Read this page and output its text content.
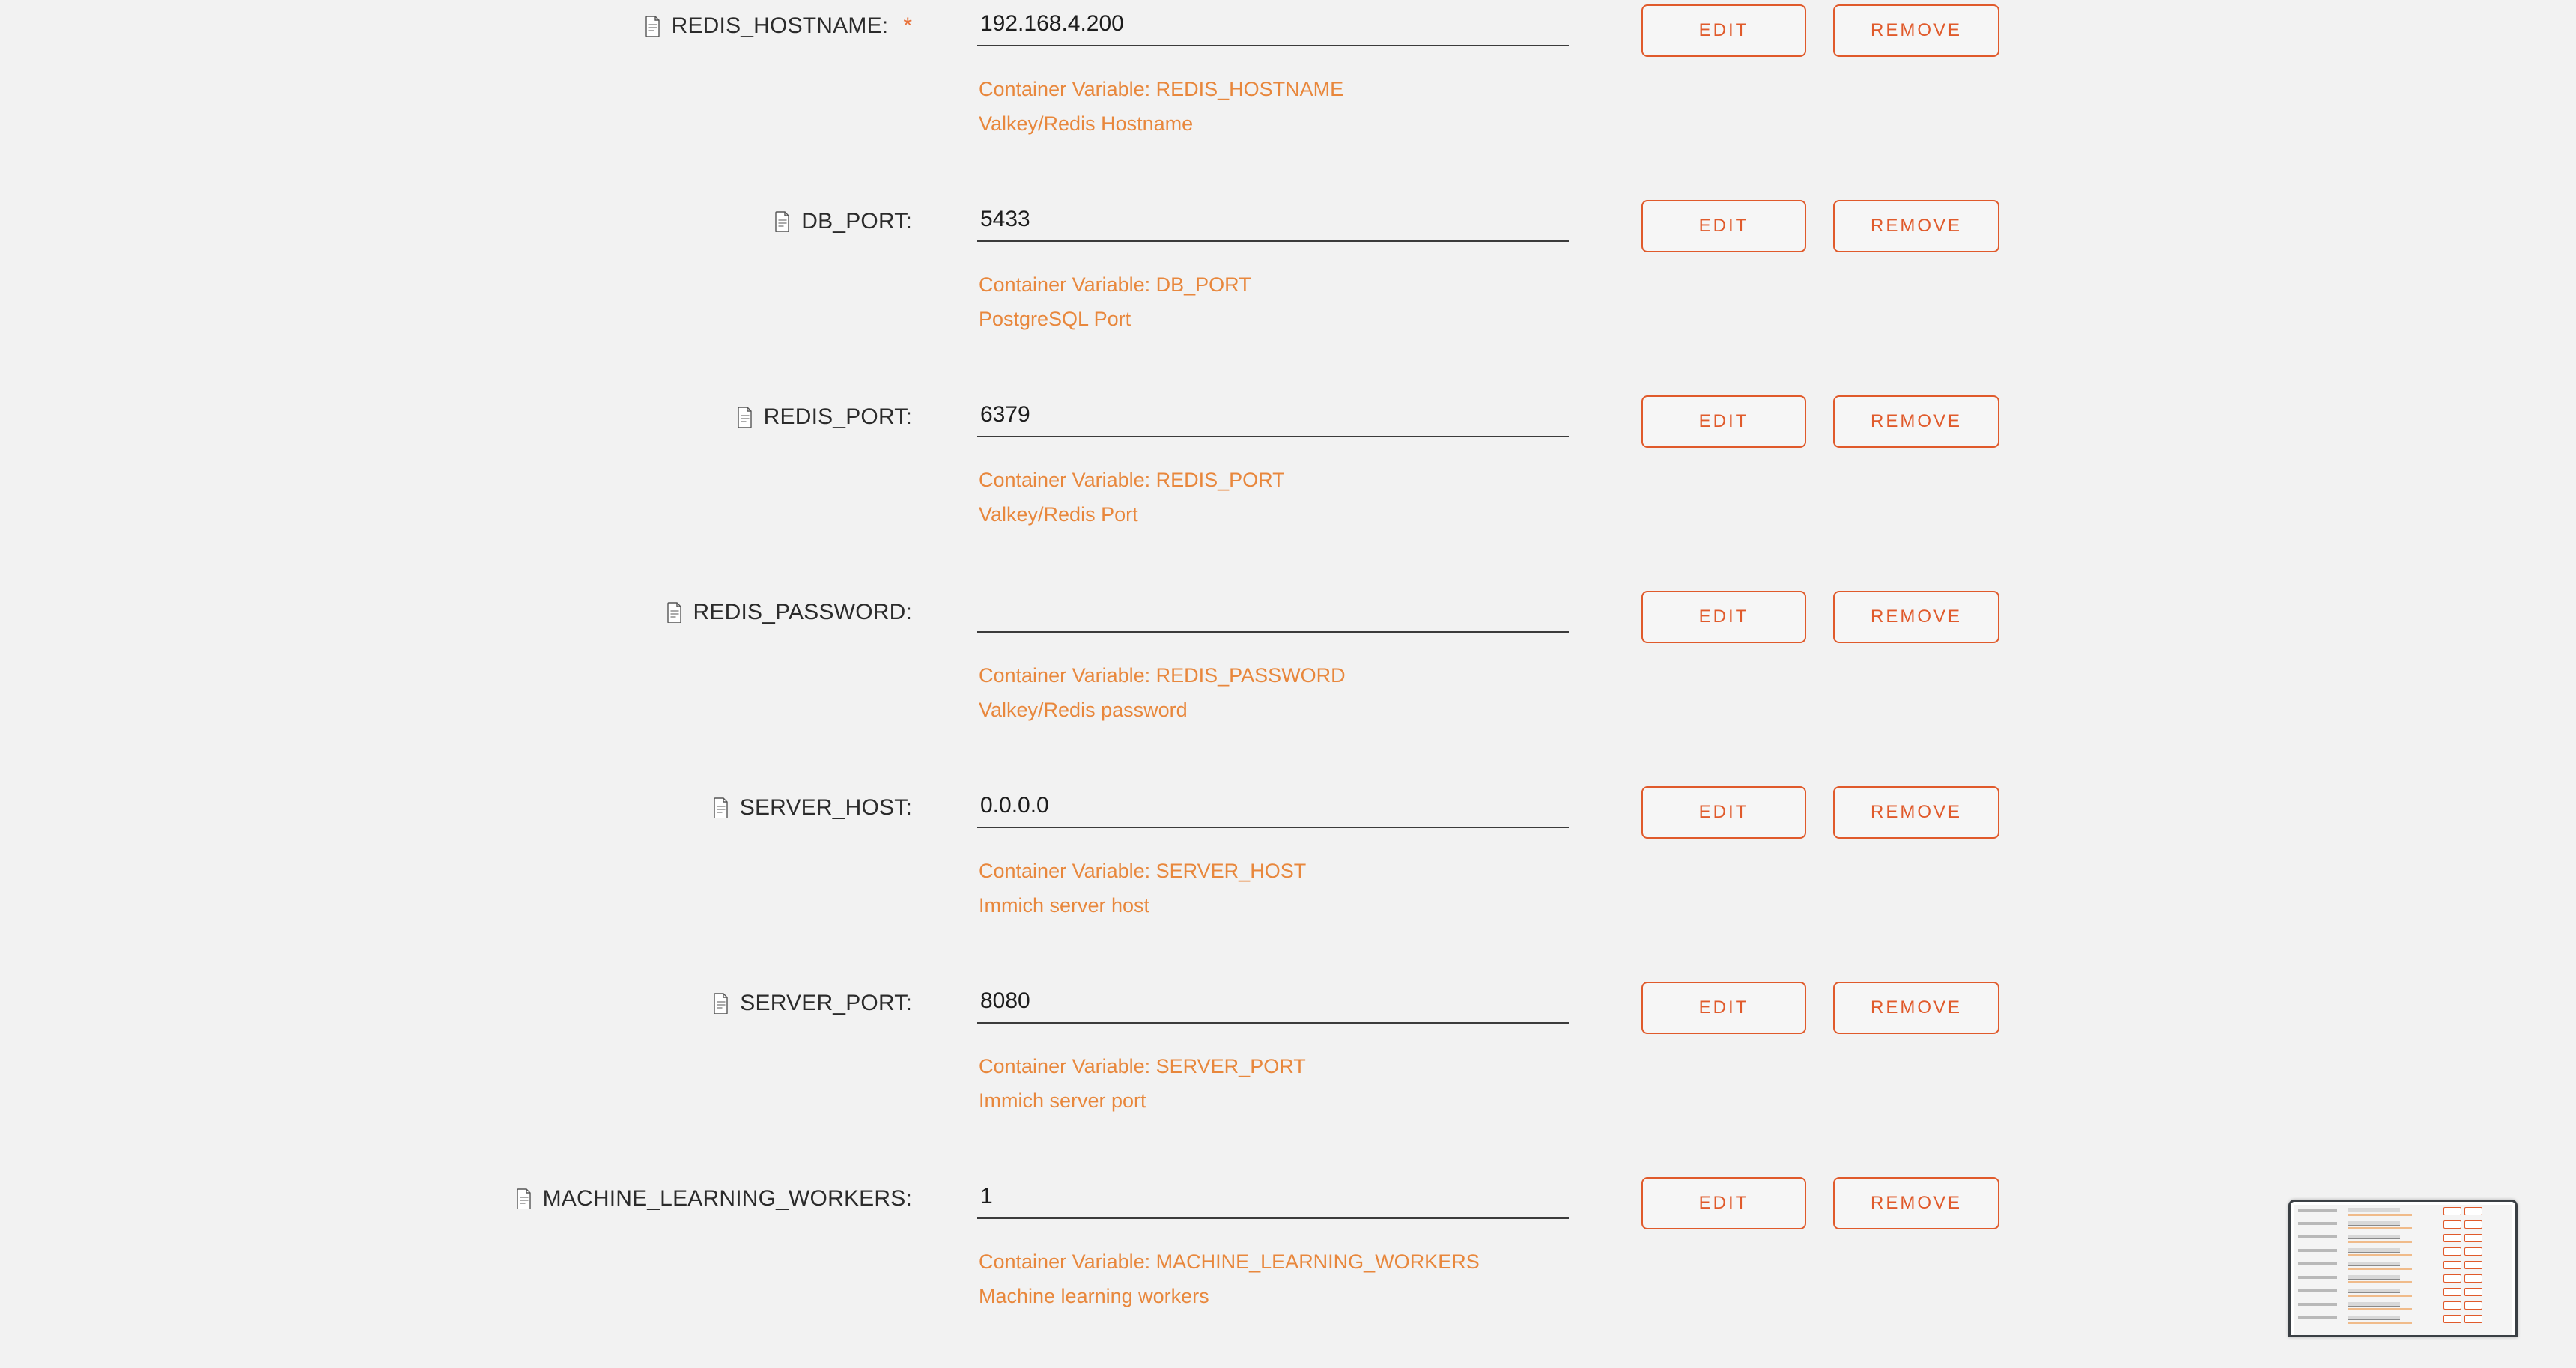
REDIS_HOSTNAME: *
192.168.4.200
Container Variable: REDIS_HOSTNAME
Valkey/Redis Hostname
EDIT	REMOVE
DB_PORT:
5433
Container Variable: DB_PORT
PostgreSQL Port
EDIT	REMOVE
REDIS_PORT:
6379
Container Variable: REDIS_PORT
Valkey/Redis Port
EDIT	REMOVE
REDIS_PASSWORD:
Container Variable: REDIS_PASSWORD
Valkey/Redis password
EDIT	REMOVE
SERVER_HOST:
0.0.0.0
Container Variable: SERVER_HOST
Immich server host
EDIT	REMOVE
SERVER_PORT:
8080
Container Variable: SERVER_PORT
Immich server port
EDIT	REMOVE
MACHINE_LEARNING_WORKERS:
1
Container Variable: MACHINE_LEARNING_WORKERS
Machine learning workers
EDIT	REMOVE
